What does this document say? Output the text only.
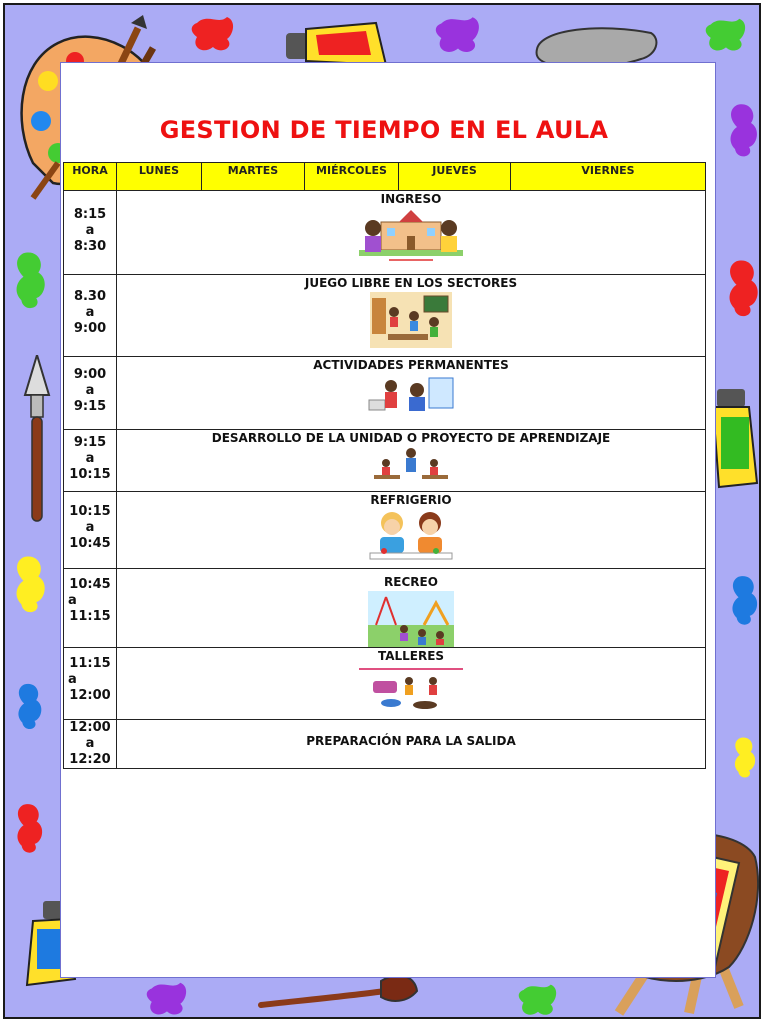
GESTION DE TIEMPO EN EL AULA
HORA	LUNES	MARTES	MIÉRCOLES	JUEVES	VIERNES

8:15
a
8:30	INGRESO				

8.30
a
9:00	JUEGO LIBRE EN LOS SECTORES				

9:00
a
9:15	ACTIVIDADES PERMANENTES				

9:15
a
10:15	DESARROLLO DE LA UNIDAD O PROYECTO DE APRENDIZAJE				

10:15
a
10:45	REFRIGERIO				

10:45
a
11:15	RECREO				

11:15
a
12:00	TALLERES				

12:00
a
12:20	PREPARACIÓN PARA LA SALIDA				
